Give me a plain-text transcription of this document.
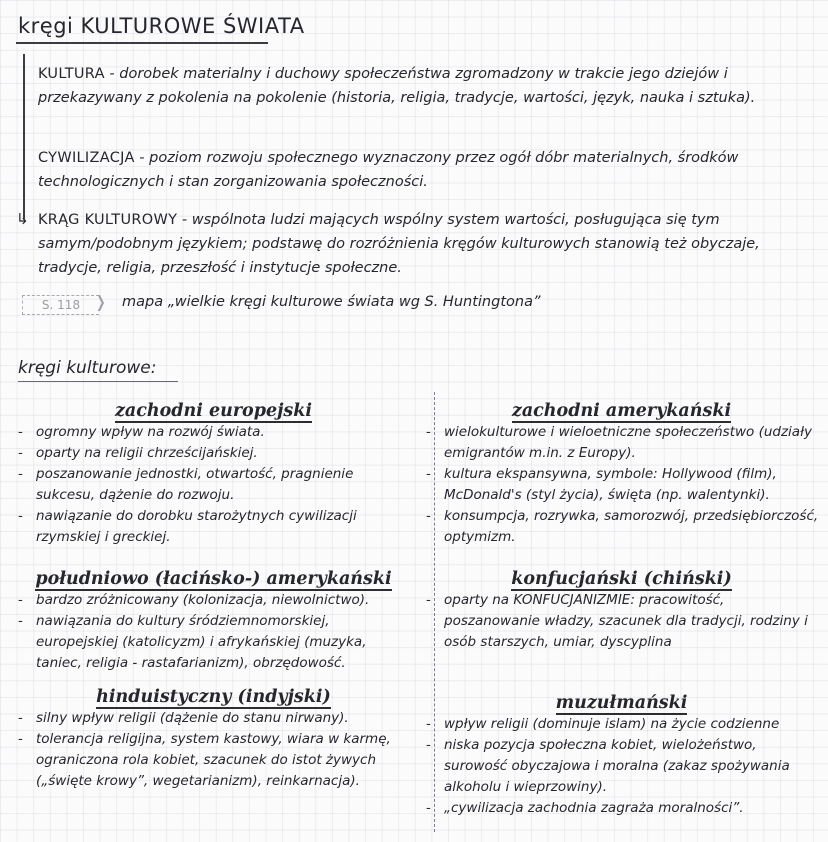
kręgi KULTUROWE ŚWIATA
↳
KULTURA - dorobek materialny i duchowy społeczeństwa zgromadzony w trakcie jego dziejów i przekazywany z pokolenia na pokolenie (historia, religia, tradycje, wartości, język, nauka i sztuka).
CYWILIZACJA - poziom rozwoju społecznego wyznaczony przez ogół dóbr materialnych, środków technologicznych i stan zorganizowania społeczności.
KRĄG KULTUROWY - wspólnota ludzi mających wspólny system wartości, posługująca się tym samym/podobnym językiem; podstawę do rozróżnienia kręgów kulturowych stanowią też obyczaje, tradycje, religia, przeszłość i instytucje społeczne.
S. 118 ❭ mapa „wielkie kręgi kulturowe świata wg S. Huntingtona”
kręgi kulturowe:
zachodni europejski
- ogromny wpływ na rozwój świata.
- oparty na religii chrześcijańskiej.
- poszanowanie jednostki, otwartość, pragnienie sukcesu, dążenie do rozwoju.
- nawiązanie do dorobku starożytnych cywilizacji rzymskiej i greckiej.
południowo (łacińsko-) amerykański
- bardzo zróżnicowany (kolonizacja, niewolnictwo).
- nawiązania do kultury śródziemnomorskiej, europejskiej (katolicyzm) i afrykańskiej (muzyka, taniec, religia - rastafarianizm), obrzędowość.
hinduistyczny (indyjski)
- silny wpływ religii (dążenie do stanu nirwany).
- tolerancja religijna, system kastowy, wiara w karmę, ograniczona rola kobiet, szacunek do istot żywych („święte krowy”, wegetarianizm), reinkarnacja).
zachodni amerykański
- wielokulturowe i wieloetniczne społeczeństwo (udziały emigrantów m.in. z Europy).
- kultura ekspansywna, symbole: Hollywood (film), McDonald's (styl życia), święta (np. walentynki).
- konsumpcja, rozrywka, samorozwój, przedsiębiorczość, optymizm.
konfucjański (chiński)
- oparty na KONFUCJANIZMIE: pracowitość, poszanowanie władzy, szacunek dla tradycji, rodziny i osób starszych, umiar, dyscyplina
muzułmański
- wpływ religii (dominuje islam) na życie codzienne
- niska pozycja społeczna kobiet, wielożeństwo, surowość obyczajowa i moralna (zakaz spożywania alkoholu i wieprzowiny).
- „cywilizacja zachodnia zagraża moralności”.
